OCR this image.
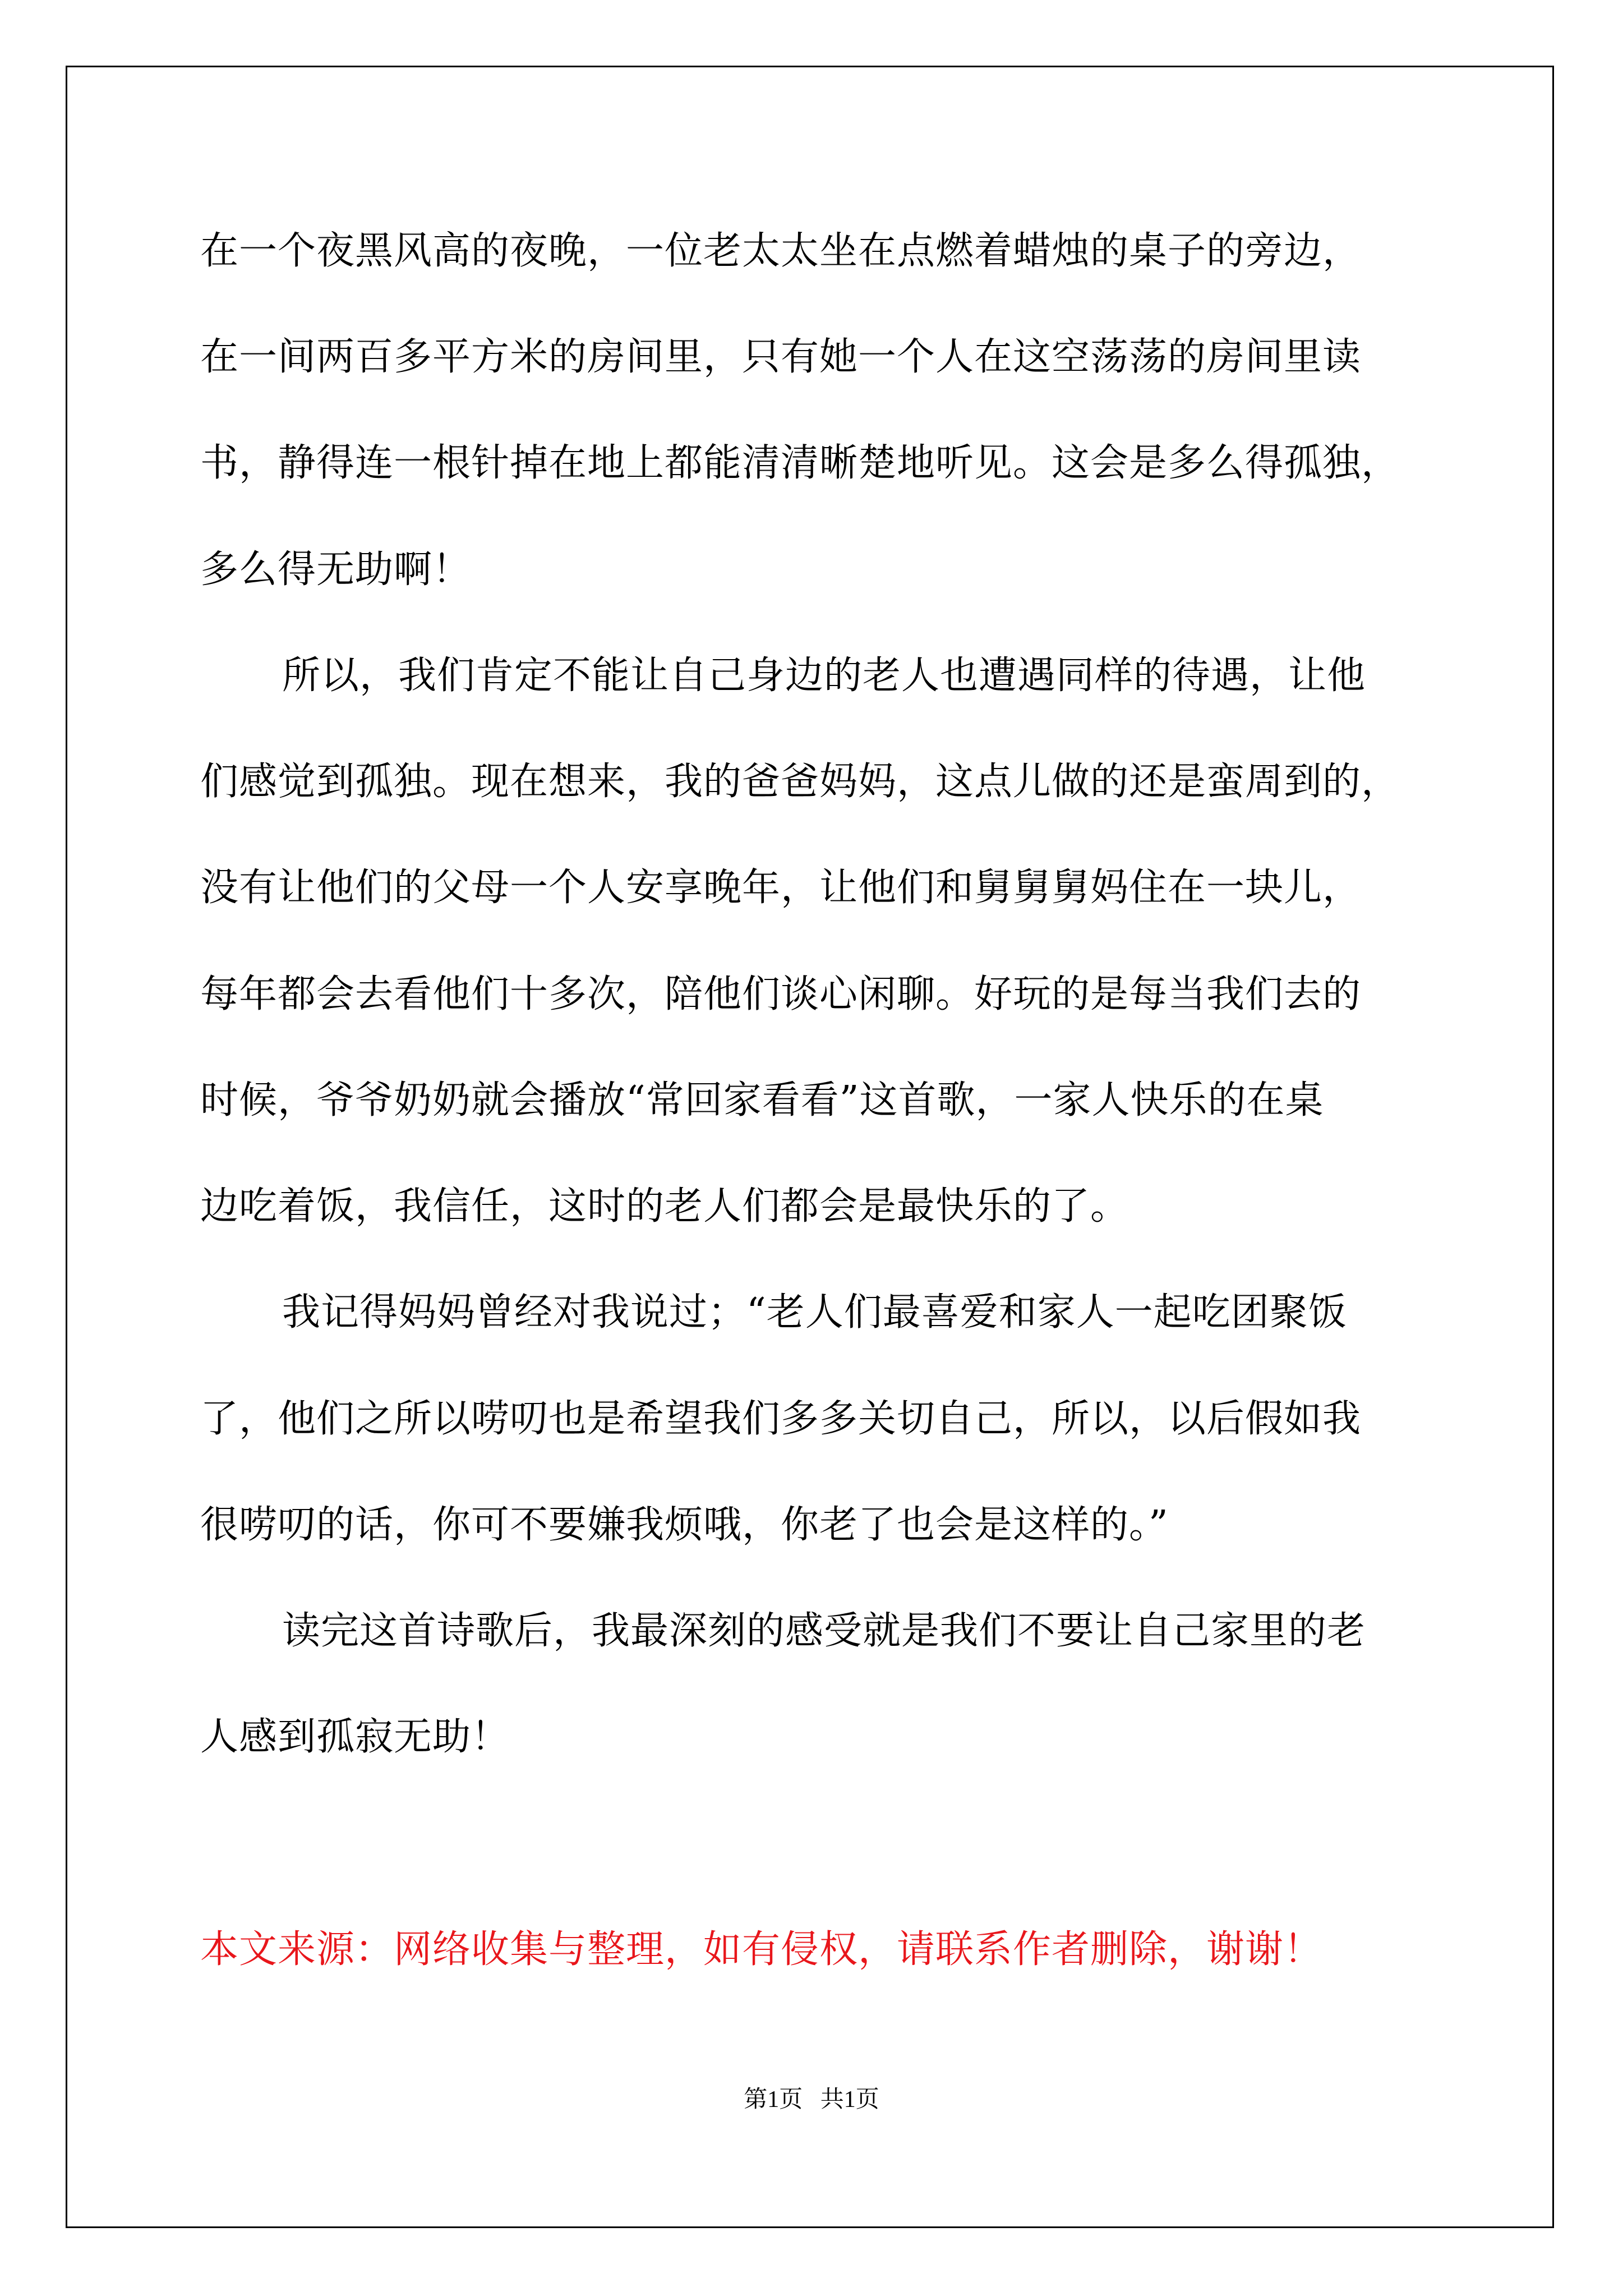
在一个夜黑风高的夜晚，一位老太太坐在点燃着蜡烛的桌子的旁边，
在一间两百多平方米的房间里，只有她一个人在这空荡荡的房间里读
书，静得连一根针掉在地上都能清清晰楚地听见。这会是多么得孤独，
多么得无助啊！
所以，我们肯定不能让自己身边的老人也遭遇同样的待遇，让他
们感觉到孤独。现在想来，我的爸爸妈妈，这点儿做的还是蛮周到的，
没有让他们的父母一个人安享晚年，让他们和舅舅舅妈住在一块儿，
每年都会去看他们十多次，陪他们谈心闲聊。好玩的是每当我们去的
时候，爷爷奶奶就会播放“常回家看看”这首歌，一家人快乐的在桌
边吃着饭，我信任，这时的老人们都会是最快乐的了。
我记得妈妈曾经对我说过；“老人们最喜爱和家人一起吃团聚饭
了，他们之所以唠叨也是希望我们多多关切自己，所以，以后假如我
很唠叨的话，你可不要嫌我烦哦，你老了也会是这样的。”
读完这首诗歌后，我最深刻的感受就是我们不要让自己家里的老
人感到孤寂无助！
本文来源：网络收集与整理，如有侵权，请联系作者删除，谢谢！
第1页 共1页
